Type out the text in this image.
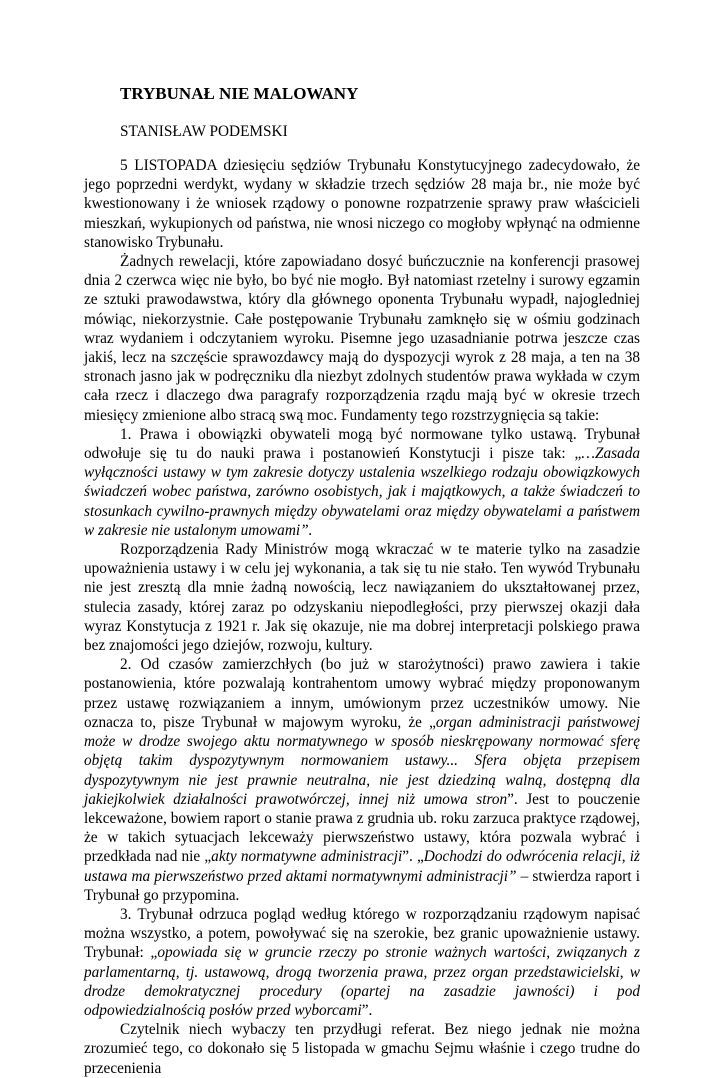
TRYBUNAŁ NIE MALOWANY
STANISŁAW PODEMSKI

5 LISTOPADA dziesięciu sędziów Trybunału Konstytucyjnego zadecydowało, że jego poprzedni werdykt, wydany w składzie trzech sędziów 28 maja br., nie może być kwestionowany i że wniosek rządowy o ponowne rozpatrzenie sprawy praw właścicieli mieszkań, wykupionych od państwa, nie wnosi niczego co mogłoby wpłynąć na odmienne stanowisko Trybunału.

Żadnych rewelacji, które zapowiadano dosyć buńczucznie na konferencji prasowej dnia 2 czerwca więc nie było, bo być nie mogło. Był natomiast rzetelny i surowy egzamin ze sztuki prawodawstwa, który dla głównego oponenta Trybunału wypadł, najogledniej mówiąc, niekorzystnie. Całe postępowanie Trybunału zamknęło się w ośmiu godzinach wraz wydaniem i odczytaniem wyroku. Pisemne jego uzasadnianie potrwa jeszcze czas jakiś, lecz na szczęście sprawozdawcy mają do dyspozycji wyrok z 28 maja, a ten na 38 stronach jasno jak w podręczniku dla niezbyt zdolnych studentów prawa wykłada w czym cała rzecz i dlaczego dwa paragrafy rozporządzenia rządu mają być w okresie trzech miesięcy zmienione albo stracą swą moc. Fundamenty tego rozstrzygnięcia są takie:

1. Prawa i obowiązki obywateli mogą być normowane tylko ustawą. Trybunał odwołuje się tu do nauki prawa i postanowień Konstytucji i pisze tak: „…Zasada wyłączności ustawy w tym zakresie dotyczy ustalenia wszelkiego rodzaju obowiązkowych świadczeń wobec państwa, zarówno osobistych, jak i majątkowych, a także świadczeń to stosunkach cywilno-prawnych między obywatelami oraz między obywatelami a państwem w zakresie nie ustalonym umowami”.

Rozporządzenia Rady Ministrów mogą wkraczać w te materie tylko na zasadzie upoważnienia ustawy i w celu jej wykonania, a tak się tu nie stało. Ten wywód Trybunału nie jest zresztą dla mnie żadną nowością, lecz nawiązaniem do ukształtowanej przez, stulecia zasady, której zaraz po odzyskaniu niepodległości, przy pierwszej okazji dała wyraz Konstytucja z 1921 r. Jak się okazuje, nie ma dobrej interpretacji polskiego prawa bez znajomości jego dziejów, rozwoju, kultury.

2. Od czasów zamierzchłych (bo już w starożytności) prawo zawiera i takie postanowienia, które pozwalają kontrahentom umowy wybrać między proponowanym przez ustawę rozwiązaniem a innym, umówionym przez uczestników umowy. Nie oznacza to, pisze Trybunał w majowym wyroku, że „organ administracji państwowej może w drodze swojego aktu normatywnego w sposób nieskrępowany normować sferę objętą takim dyspozytywnym normowaniem ustawy... Sfera objęta przepisem dyspozytywnym nie jest prawnie neutralna, nie jest dziedziną walną, dostępną dla jakiejkolwiek działalności prawotwórczej, innej niż umowa stron”. Jest to pouczenie lekceważone, bowiem raport o stanie prawa z grudnia ub. roku zarzuca praktyce rządowej, że w takich sytuacjach lekceważy pierwszeństwo ustawy, która pozwala wybrać i przedkłada nad nie „akty normatywne administracji”. „Dochodzi do odwrócenia relacji, iż ustawa ma pierwszeństwo przed aktami normatywnymi administracji” – stwierdza raport i Trybunał go przypomina.

3. Trybunał odrzuca pogląd według którego w rozporządzaniu rządowym napisać można wszystko, a potem, powoływać się na szerokie, bez granic upoważnienie ustawy. Trybunał: „opowiada się w gruncie rzeczy po stronie ważnych wartości, związanych z parlamentarną, tj. ustawową, drogą tworzenia prawa, przez organ przedstawicielski, w drodze demokratycznej procedury (opartej na zasadzie jawności) i pod odpowiedzialnością posłów przed wyborcami”.

Czytelnik niech wybaczy ten przydługi referat. Bez niego jednak nie można zrozumieć tego, co dokonało się 5 listopada w gmachu Sejmu właśnie i czego trudne do przecenienia
